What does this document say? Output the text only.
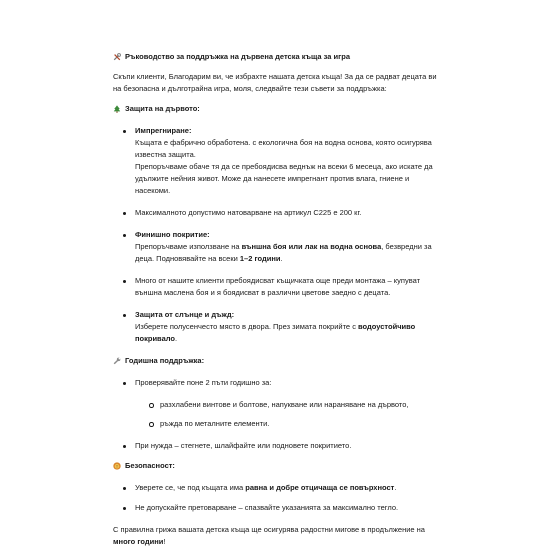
Ръководство за поддръжка на дървена детска къща за игра
Скъпи клиенти, Благодарим ви, че избрахте нашата детска къща! За да се радват децата ви на безопасна и дълготрайна игра, моля, следвайте тези съвети за поддръжка:
Защита на дървото:
Импрегниране:
Къщата е фабрично обработена. с екологична боя на водна основа, която осигурява известна защита.
Препоръчваме обаче тя да се пребоядисва веднъж на всеки 6 месеца, ако искате да удължите нейния живот. Може да нанесете импрегнант против влага, гниене и насекоми.
Максималното допустимо натоварване на артикул C225 е 200 кг.
Финишно покритие:
Препоръчваме използване на външна боя или лак на водна основа, безвредни за деца. Подновявайте на всеки 1–2 години.
Много от нашите клиенти пребоядисват къщичката още преди монтажа – купуват външна маслена боя и я боядисват в различни цветове заедно с децата.
Защита от слънце и дъжд:
Изберете полусенчесто място в двора. През зимата покрийте с водоустойчиво покривало.
Годишна поддръжка:
Проверявайте поне 2 пъти годишно за:
разхлабени винтове и болтове, напукване или нараняване на дървото,
ръжда по металните елементи.
При нужда – стегнете, шлайфайте или подновете покритието.
Безопасност:
Уверете се, че под къщата има равна и добре отцичаща се повърхност.
Не допускайте претоварване – спазвайте указанията за максимално тегло.
С правилна грижа вашата детска къща ще осигурява радостни мигове в продължение на много години!
